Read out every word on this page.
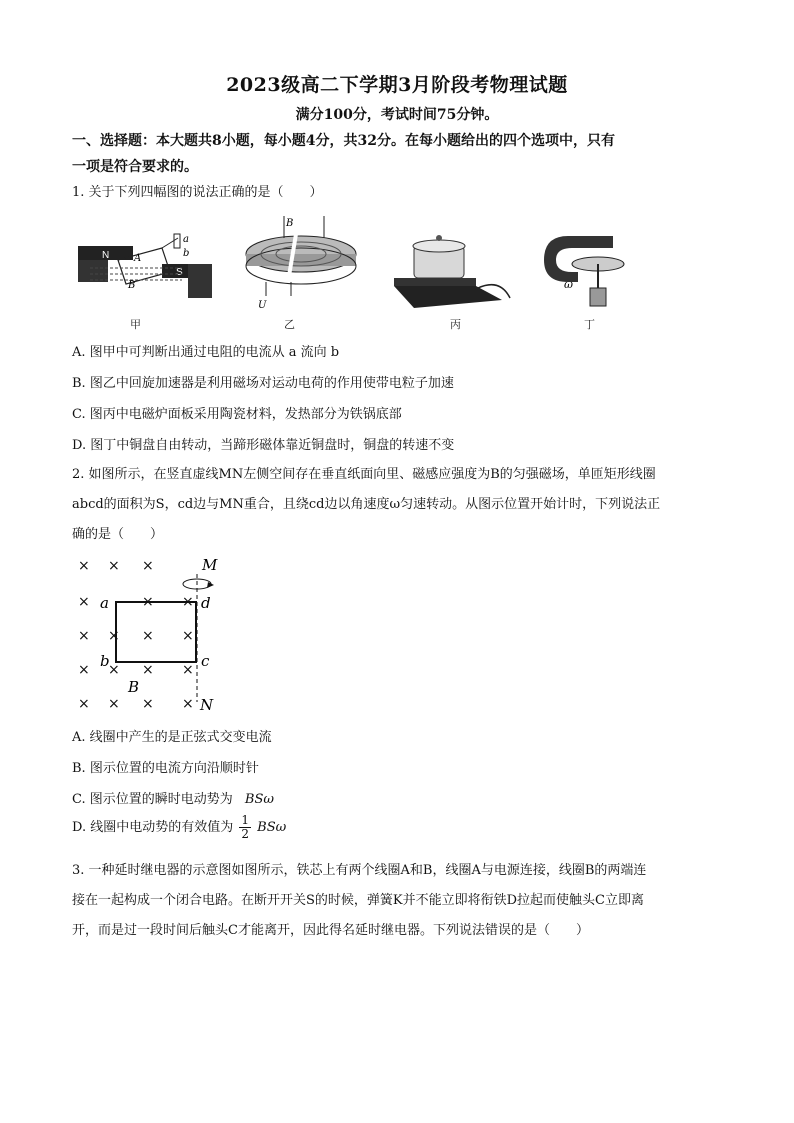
2023级高二下学期3月阶段考物理试题
满分100分，考试时间75分钟。
一、选择题：本大题共8小题，每小题4分，共32分。在每小题给出的四个选项中，只有
一项是符合要求的。
1. 关于下列四幅图的说法正确的是（　　）
N
S
A
B
a
b
B
U
ω
甲	乙	丙	丁
A. 图甲中可判断出通过电阻的电流从 a 流向 b
B. 图乙中回旋加速器是利用磁场对运动电荷的作用使带电粒子加速
C. 图丙中电磁炉面板采用陶瓷材料，发热部分为铁锅底部
D. 图丁中铜盘自由转动，当蹄形磁体靠近铜盘时，铜盘的转速不变
2. 如图所示，在竖直虚线MN左侧空间存在垂直纸面向里、磁感应强度为B的匀强磁场，单匝矩形线圈
abcd的面积为S，cd边与MN重合，且绕cd边以角速度ω匀速转动。从图示位置开始计时，下列说法正
确的是（　　）
× × ×
×	× ×
× × × ×
× × × ×
× × × ×
M
N
a
b	c
d
B
A. 线圈中产生的是正弦式交变电流
B. 图示位置的电流方向沿顺时针
C. 图示位置的瞬时电动势为 BSω
D. 线圈中电动势的有效值为 $\frac{1}{2}$ BSω
3. 一种延时继电器的示意图如图所示，铁芯上有两个线圈A和B，线圈A与电源连接，线圈B的两端连
接在一起构成一个闭合电路。在断开开关S的时候，弹簧K并不能立即将衔铁D拉起而使触头C立即离
开，而是过一段时间后触头C才能离开，因此得名延时继电器。下列说法错误的是（　　）
